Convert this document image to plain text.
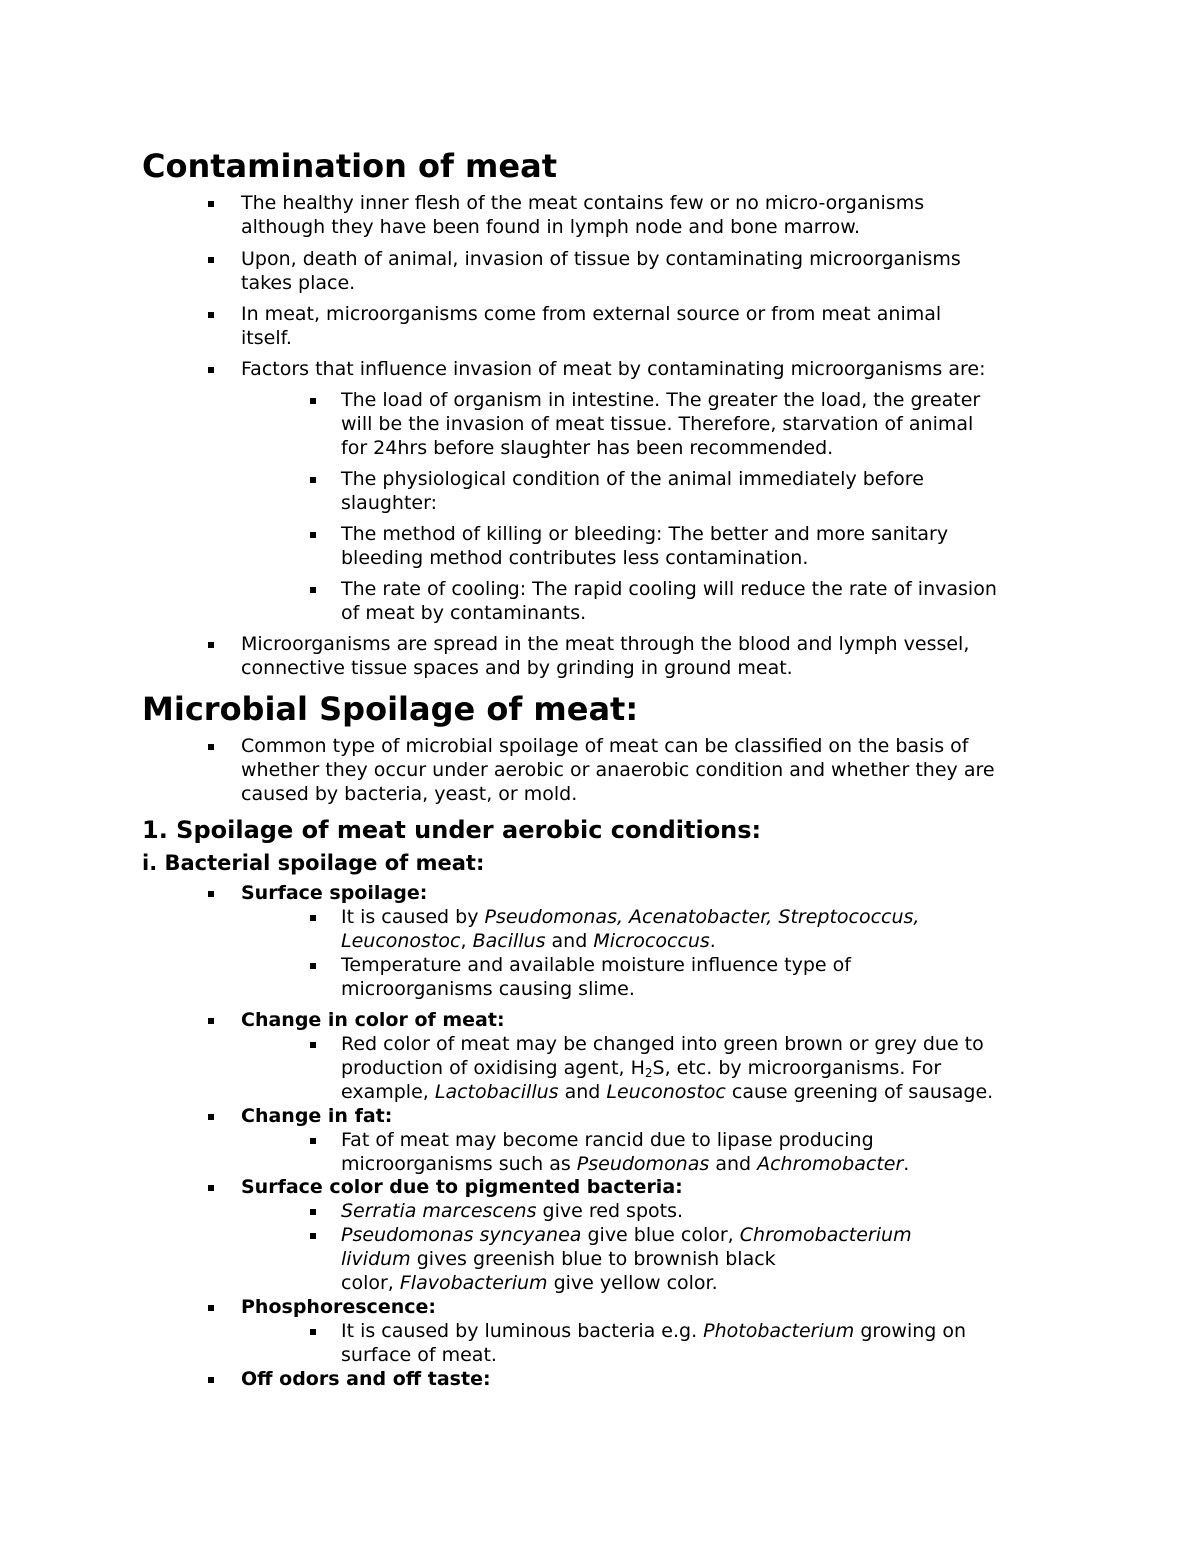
Contamination of meat
The healthy inner flesh of the meat contains few or no micro-organisms
although they have been found in lymph node and bone marrow.
Upon, death of animal, invasion of tissue by contaminating microorganisms
takes place.
In meat, microorganisms come from external source or from meat animal
itself.
Factors that influence invasion of meat by contaminating microorganisms are:
The load of organism in intestine. The greater the load, the greater
will be the invasion of meat tissue. Therefore, starvation of animal
for 24hrs before slaughter has been recommended.
The physiological condition of the animal immediately before
slaughter:
The method of killing or bleeding: The better and more sanitary
bleeding method contributes less contamination.
The rate of cooling: The rapid cooling will reduce the rate of invasion
of meat by contaminants.
Microorganisms are spread in the meat through the blood and lymph vessel,
connective tissue spaces and by grinding in ground meat.
Microbial Spoilage of meat:
Common type of microbial spoilage of meat can be classified on the basis of
whether they occur under aerobic or anaerobic condition and whether they are
caused by bacteria, yeast, or mold.
1. Spoilage of meat under aerobic conditions:
i. Bacterial spoilage of meat:
Surface spoilage:
It is caused by Pseudomonas, Acenatobacter, Streptococcus,
Leuconostoc, Bacillus and Micrococcus.
Temperature and available moisture influence type of
microorganisms causing slime.
Change in color of meat:
Red color of meat may be changed into green brown or grey due to
production of oxidising agent, $H_2S$, etc. by microorganisms. For
example, Lactobacillus and Leuconostoc cause greening of sausage.
Change in fat:
Fat of meat may become rancid due to lipase producing
microorganisms such as Pseudomonas and Achromobacter.
Surface color due to pigmented bacteria:
Serratia marcescens give red spots.
Pseudomonas syncyanea give blue color, Chromobacterium
lividum gives greenish blue to brownish black
color, Flavobacterium give yellow color.
Phosphorescence:
It is caused by luminous bacteria e.g. Photobacterium growing on
surface of meat.
Off odors and off taste:
